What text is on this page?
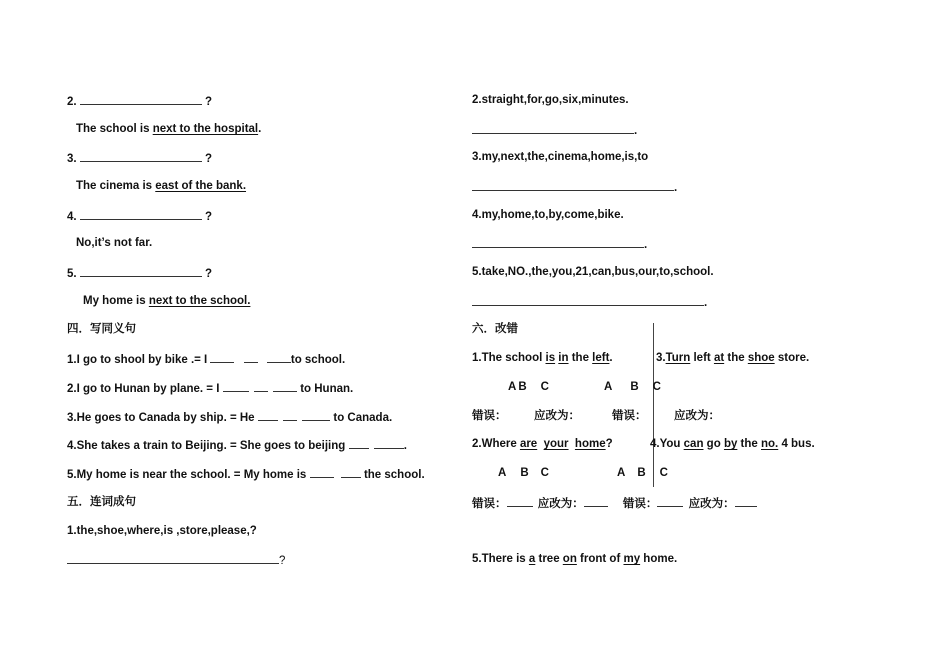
2.	?
The school is next to the hospital.
3.	?
The cinema is east of the bank.
4.	?
No,it’s not far.
5.	?
My home is next to the school.
四．写同义句
1.I go to shool by bike .= I	to school.
2.I go to Hunan by plane. = I	to Hunan.
3.He goes to Canada by ship. = He	to Canada.
4.She takes a train to Beijing. = She goes to beijing	.
5.My home is near the school. = My home is	the school.
五．连词成句
1.the,shoe,where,is ,store,please,?
?
2.straight,for,go,six,minutes.
.
3.my,next,the,cinema,home,is,to
.
4.my,home,to,by,come,bike.
.
5.take,NO.,the,you,21,can,bus,our,to,school.
.
六．改错
1.The school is in the left.	3.Turn left at the shoe store.
A B C	A B C
错误： 应改为：	错误： 应改为：
2.Where are your home?	4.You can go by the no. 4 bus.
A B C	A B C
错误：	应改为：	错误：	应改为：
5.There is a tree on front of my home.
